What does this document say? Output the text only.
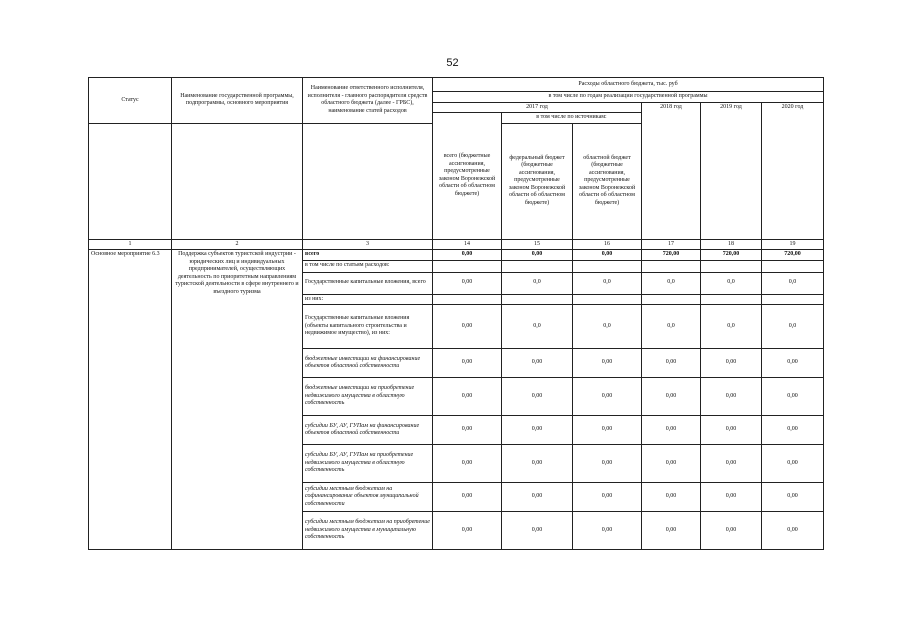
52
Статус	Наименование государственной программы, подпрограммы, основного мероприятия	Наименование ответственного исполнителя, исполнителя - главного распорядителя средств областного бюджета (далее - ГРБС), наименование статей расходов	Расходы областного бюджета, тыс. руб					
			в том числе по годам реализации государственной программы					
			2017 год			2018 год	2019 год	2020 год
			всего (бюджетные ассигнования, предусмотренные законом Воронежской области об областном бюджете)	в том числе по источникам:				
				федеральный бюджет (бюджетные ассигнования, предусмотренные законом Воронежской области об областном бюджете)	областной бюджет (бюджетные ассигнования, предусмотренные законом Воронежской области об областном бюджете)			
1	2	3	14	15	16	17	18	19
Основное мероприятие 6.3	Поддержка субъектов туристской индустрии - юридических лиц и индивидуальных предпринимателей, осуществляющих деятельность по приоритетным направлениям туристской деятельности в сфере внутреннего и въездного туризма	всего	0,00	0,00	0,00	720,00	720,00	720,00
		в том числе по статьям расходов:						
		Государственные капитальные вложения, всего	0,00	0,0	0,0	0,0	0,0	0,0
		из них:						
		Государственные капитальные вложения (объекты капитального строительства и недвижимое имущество), из них:	0,00	0,0	0,0	0,0	0,0	0,0
		бюджетные инвестиции на финансирование объектов областной собственности	0,00	0,00	0,00	0,00	0,00	0,00
		бюджетные инвестиции на приобретение недвижимого имущества в областную собственность	0,00	0,00	0,00	0,00	0,00	0,00
		субсидии БУ, АУ, ГУПам на финансирование объектов областной собственности	0,00	0,00	0,00	0,00	0,00	0,00
		субсидии БУ, АУ, ГУПам на приобретение недвижимого имущества в областную собственность	0,00	0,00	0,00	0,00	0,00	0,00
		субсидии местным бюджетам на софинансирование объектов муниципальной собственности	0,00	0,00	0,00	0,00	0,00	0,00
		субсидии местным бюджетам на приобретение недвижимого имущества в муниципальную собственность	0,00	0,00	0,00	0,00	0,00	0,00
